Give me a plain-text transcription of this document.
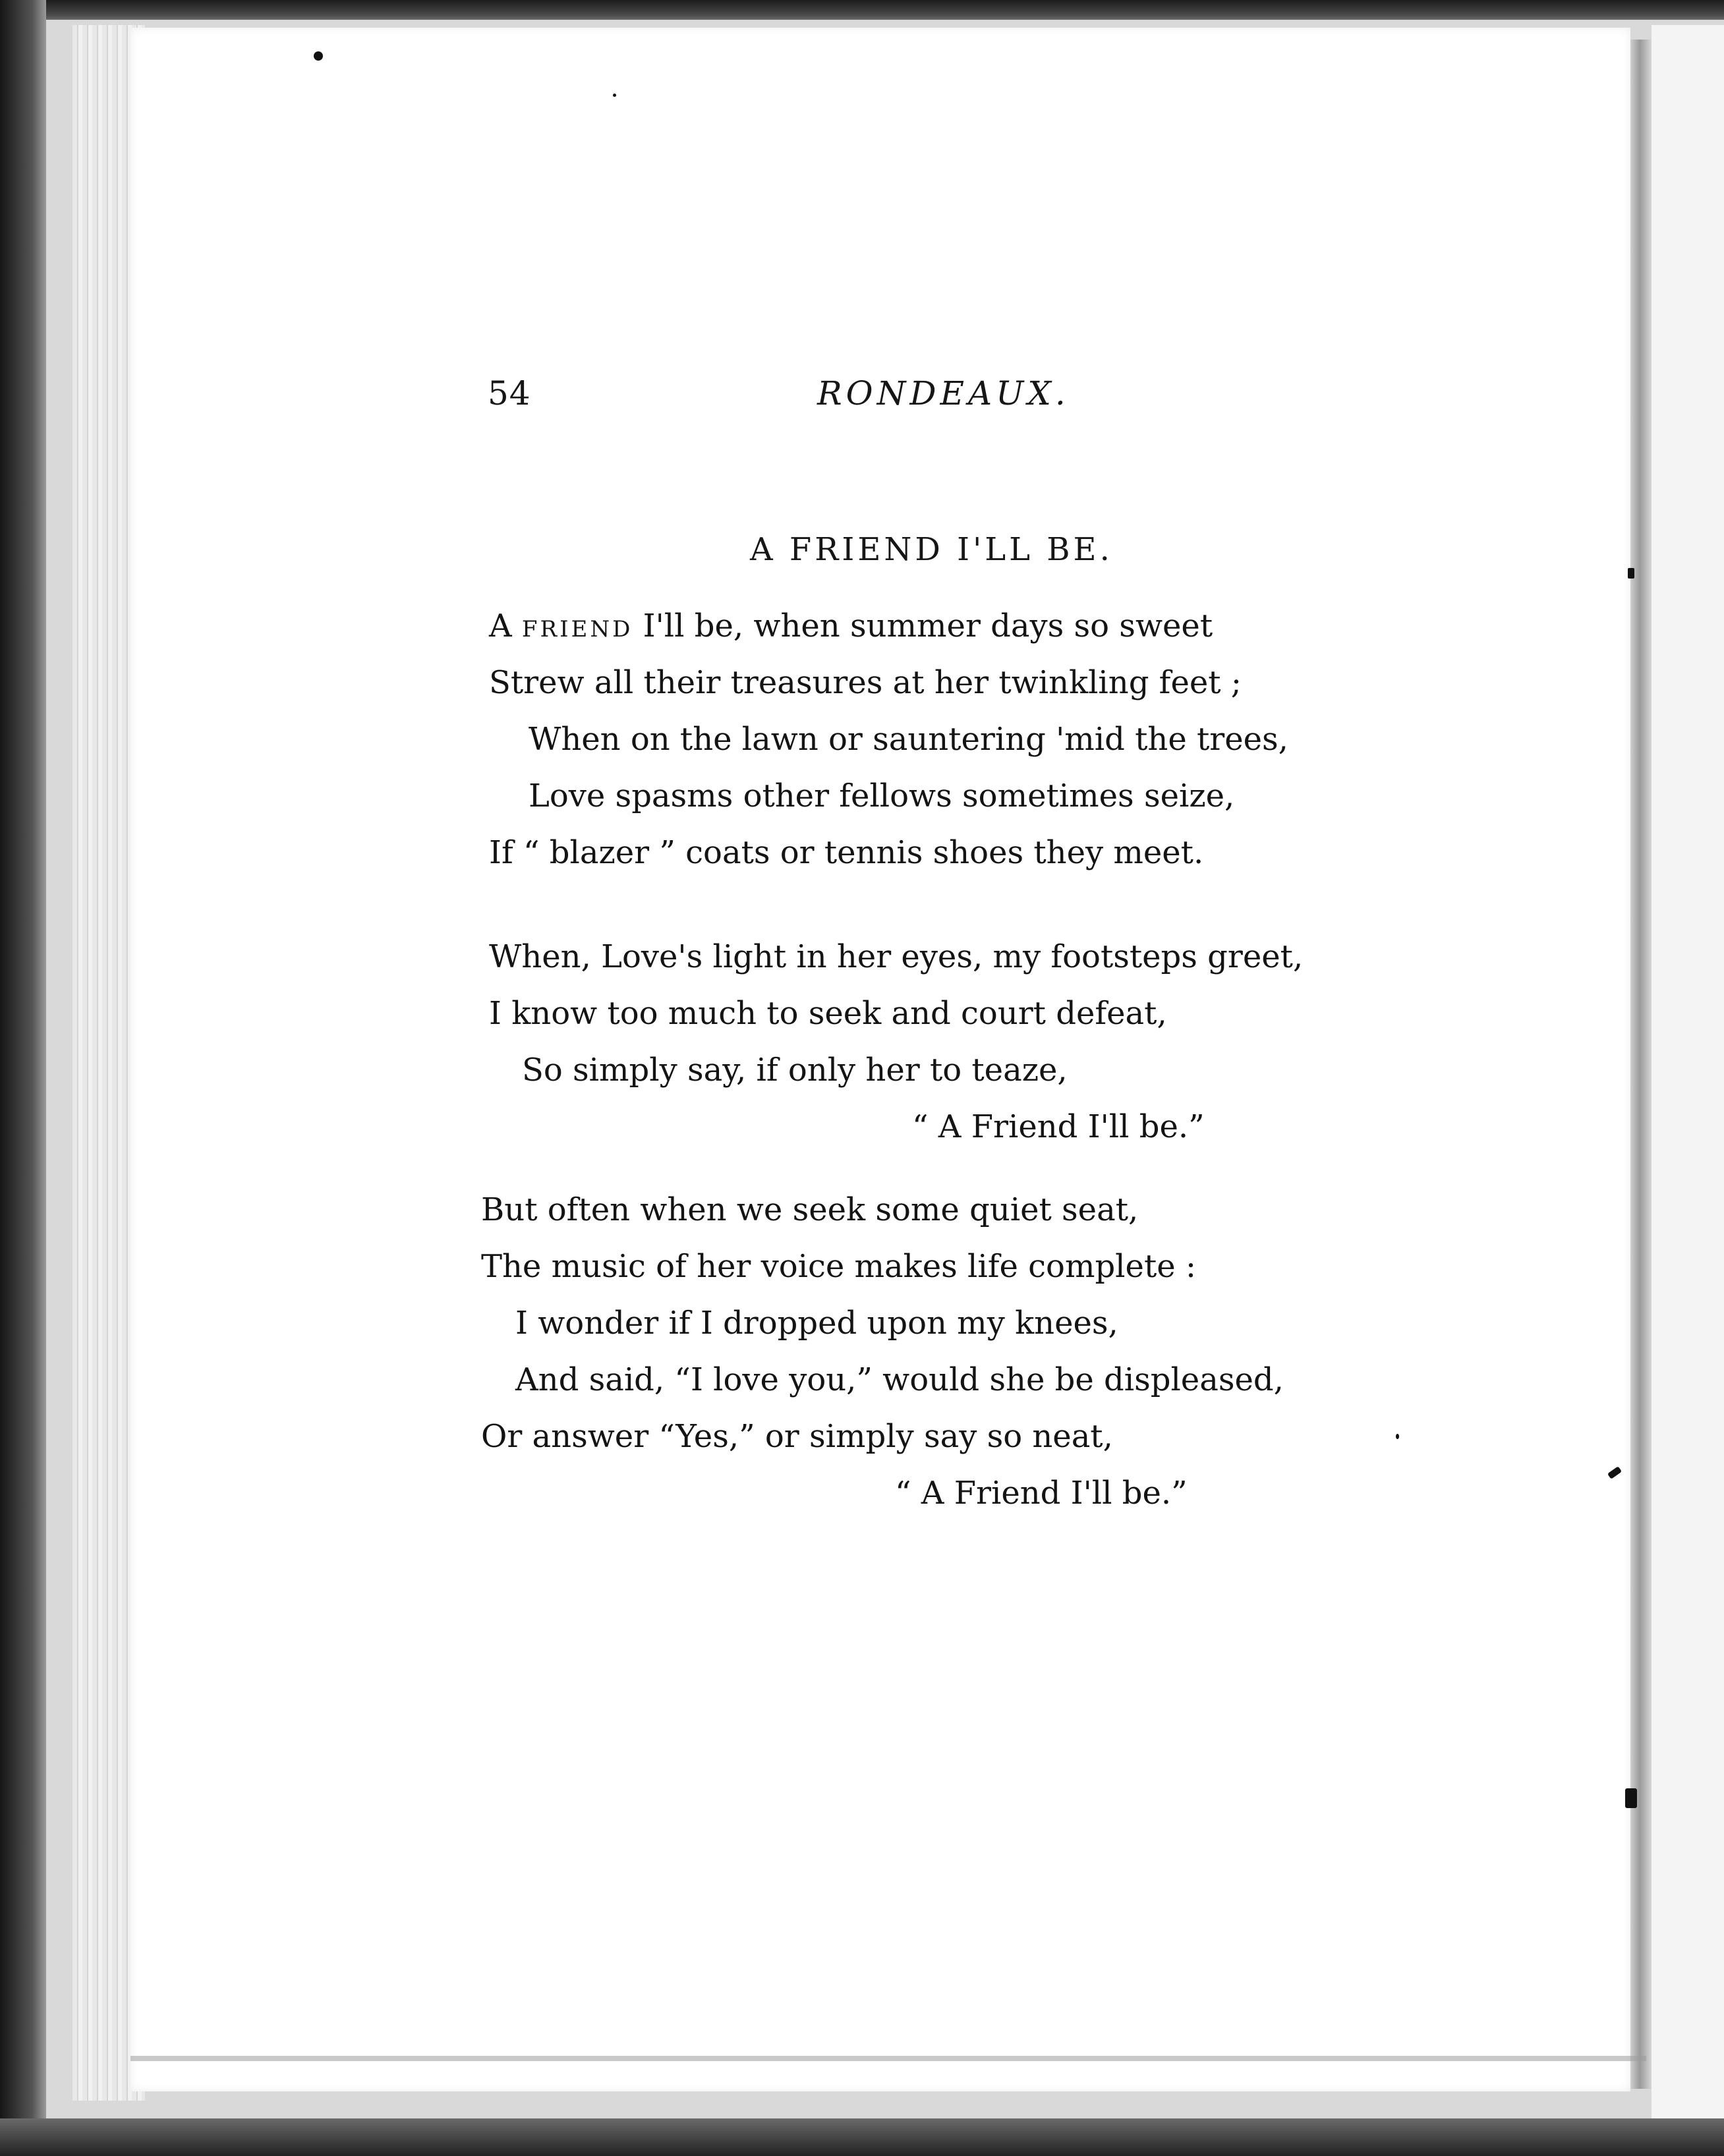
54	RONDEAUX.
A FRIEND I'LL BE.
A friend I'll be, when summer days so sweet
Strew all their treasures at her twinkling feet ;
When on the lawn or sauntering 'mid the trees,
Love spasms other fellows sometimes seize,
If “ blazer ” coats or tennis shoes they meet.
When, Love's light in her eyes, my footsteps greet,
I know too much to seek and court defeat,
So simply say, if only her to teaze,
“ A Friend I'll be.”
But often when we seek some quiet seat,
The music of her voice makes life complete :
I wonder if I dropped upon my knees,
And said, “I love you,” would she be displeased,
Or answer “Yes,” or simply say so neat,
“ A Friend I'll be.”
